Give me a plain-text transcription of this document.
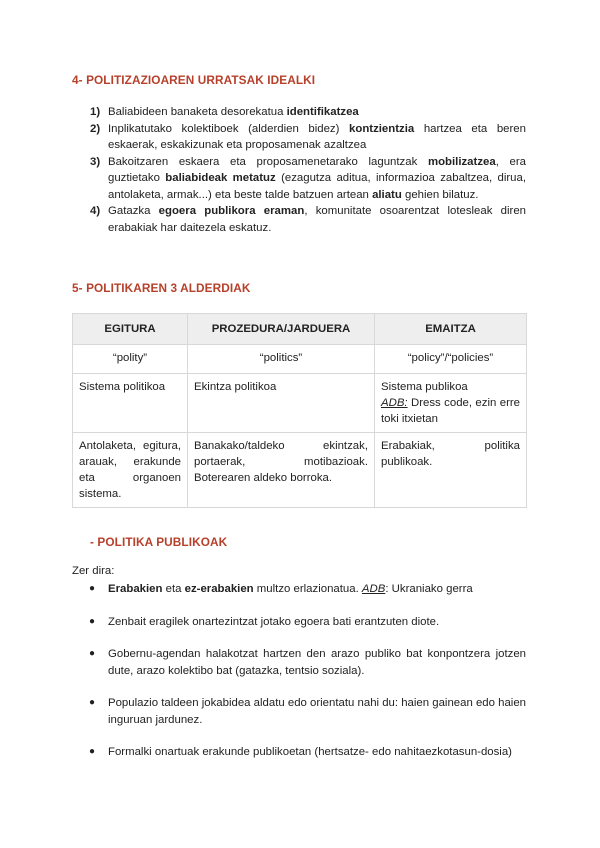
4- POLITIZAZIOAREN URRATSAK IDEALKI
1) Baliabideen banaketa desorekatua identifikatzea
2) Inplikatutako kolektiboek (alderdien bidez) kontzientzia hartzea eta beren eskaerak, eskakizunak eta proposamenak azaltzea
3) Bakoitzaren eskaera eta proposamenetarako laguntzak mobilizatzea, era guztietako baliabideak metatuz (ezagutza aditua, informazioa zabaltzea, dirua, antolaketa, armak...) eta beste talde batzuen artean aliatu gehien bilatuz.
4) Gatazka egoera publikora eraman, komunitate osoarentzat lotesleak diren erabakiak har daitezela eskatuz.
5- POLITIKAREN 3 ALDERDIAK
EGITURA	PROZEDURA/JARDUERA	EMAITZA
“polity”	“politics”	“policy”/“policies”
Sistema politikoa	Ekintza politikoa	Sistema publikoa
ADB: Dress code, ezin erre toki itxietan

Antolaketa, egitura, arauak, erakunde eta organoen sistema.	Banakako/taldeko ekintzak, portaerak, motibazioak. Boterearen aldeko borroka.	Erabakiak, politika publikoak.
- POLITIKA PUBLIKOAK
Zer dira:
● Erabakien eta ez-erabakien multzo erlazionatua. ADB: Ukraniako gerra
● Zenbait eragilek onartezintzat jotako egoera bati erantzuten diote.
● Gobernu-agendan halakotzat hartzen den arazo publiko bat konpontzera jotzen dute, arazo kolektibo bat (gatazka, tentsio soziala).
● Populazio taldeen jokabidea aldatu edo orientatu nahi du: haien gainean edo haien inguruan jardunez.
● Formalki onartuak erakunde publikoetan (hertsatze- edo nahitaezkotasun-dosia)
